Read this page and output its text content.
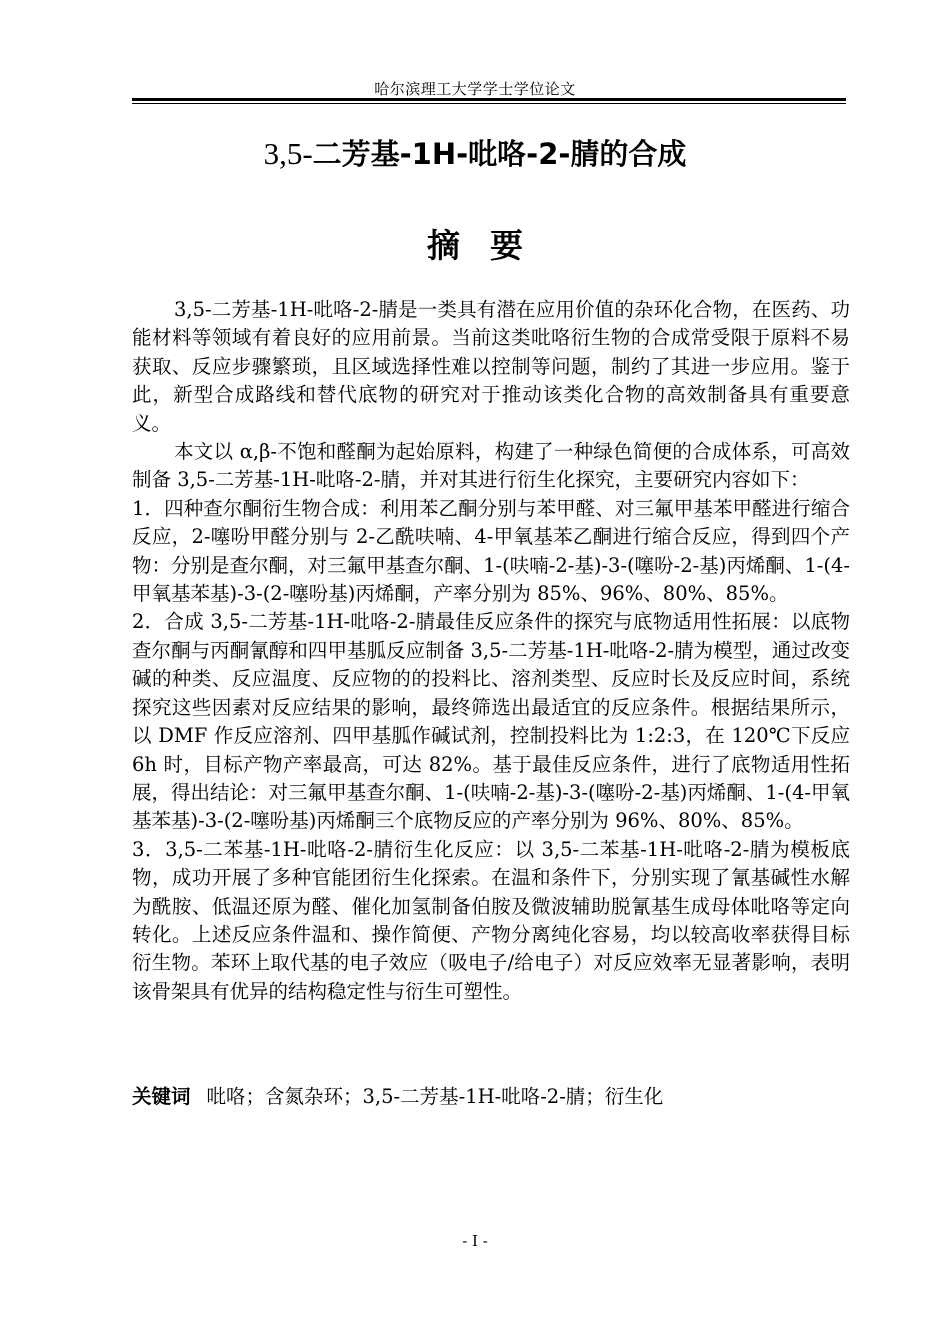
哈尔滨理工大学学士学位论文
3,5-二芳基-1H-吡咯-2-腈的合成
摘要

3,5-二芳基-1H-吡咯-2-腈是一类具有潜在应用价值的杂环化合物，在医药、功能材料等领域有着良好的应用前景。当前这类吡咯衍生物的合成常受限于原料不易获取、反应步骤繁琐，且区域选择性难以控制等问题，制约了其进一步应用。鉴于此，新型合成路线和替代底物的研究对于推动该类化合物的高效制备具有重要意义。

本文以 α,β-不饱和醛酮为起始原料，构建了一种绿色简便的合成体系，可高效制备 3,5-二芳基-1H-吡咯-2-腈，并对其进行衍生化探究，主要研究内容如下：

1．四种查尔酮衍生物合成：利用苯乙酮分别与苯甲醛、对三氟甲基苯甲醛进行缩合反应，2-噻吩甲醛分别与 2-乙酰呋喃、4-甲氧基苯乙酮进行缩合反应，得到四个产物：分别是查尔酮，对三氟甲基查尔酮、1-(呋喃-2-基)-3-(噻吩-2-基)丙烯酮、1-(4-甲氧基苯基)-3-(2-噻吩基)丙烯酮，产率分别为 85%、96%、80%、85%。

2．合成 3,5-二芳基-1H-吡咯-2-腈最佳反应条件的探究与底物适用性拓展：以底物查尔酮与丙酮氰醇和四甲基胍反应制备 3,5-二芳基-1H-吡咯-2-腈为模型，通过改变碱的种类、反应温度、反应物的的投料比、溶剂类型、反应时长及反应时间，系统探究这些因素对反应结果的影响，最终筛选出最适宜的反应条件。根据结果所示，以 DMF 作反应溶剂、四甲基胍作碱试剂，控制投料比为 1:2:3，在 120℃下反应 6h 时，目标产物产率最高，可达 82%。基于最佳反应条件，进行了底物适用性拓展，得出结论：对三氟甲基查尔酮、1-(呋喃-2-基)-3-(噻吩-2-基)丙烯酮、1-(4-甲氧基苯基)-3-(2-噻吩基)丙烯酮三个底物反应的产率分别为 96%、80%、85%。

3．3,5-二苯基-1H-吡咯-2-腈衍生化反应：以 3,5-二苯基-1H-吡咯-2-腈为模板底物，成功开展了多种官能团衍生化探索。在温和条件下，分别实现了氰基碱性水解为酰胺、低温还原为醛、催化加氢制备伯胺及微波辅助脱氰基生成母体吡咯等定向转化。上述反应条件温和、操作简便、产物分离纯化容易，均以较高收率获得目标衍生物。苯环上取代基的电子效应（吸电子/给电子）对反应效率无显著影响，表明该骨架具有优异的结构稳定性与衍生可塑性。

关键词 吡咯；含氮杂环；3,5-二芳基-1H-吡咯-2-腈；衍生化
- I -
